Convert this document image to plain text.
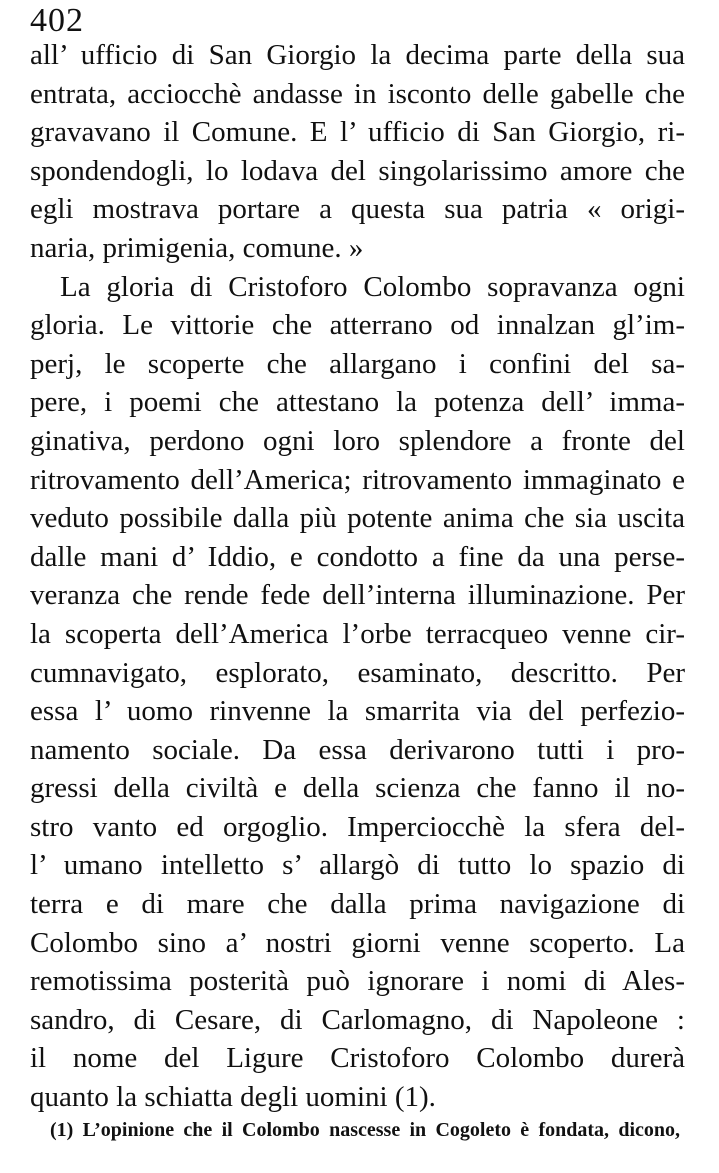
402
all’ ufficio di San Giorgio la decima parte della sua
entrata, acciocchè andasse in isconto delle gabelle che
gravavano il Comune. E l’ ufficio di San Giorgio, ri-
spondendogli, lo lodava del singolarissimo amore che
egli mostrava portare a questa sua patria « origi-
naria, primigenia, comune. »
La gloria di Cristoforo Colombo sopravanza ogni
gloria. Le vittorie che atterrano od innalzan gl’im-
perj, le scoperte che allargano i confini del sa-
pere, i poemi che attestano la potenza dell’ imma-
ginativa, perdono ogni loro splendore a fronte del
ritrovamento dell’America; ritrovamento immaginato e
veduto possibile dalla più potente anima che sia uscita
dalle mani d’ Iddio, e condotto a fine da una perse-
veranza che rende fede dell’interna illuminazione. Per
la scoperta dell’America l’orbe terracqueo venne cir-
cumnavigato, esplorato, esaminato, descritto. Per
essa l’ uomo rinvenne la smarrita via del perfezio-
namento sociale. Da essa derivarono tutti i pro-
gressi della civiltà e della scienza che fanno il no-
stro vanto ed orgoglio. Imperciocchè la sfera del-
l’ umano intelletto s’ allargò di tutto lo spazio di
terra e di mare che dalla prima navigazione di
Colombo sino a’ nostri giorni venne scoperto. La
remotissima posterità può ignorare i nomi di Ales-
sandro, di Cesare, di Carlomagno, di Napoleone :
il nome del Ligure Cristoforo Colombo durerà
quanto la schiatta degli uomini (1).
(1) L’opinione che il Colombo nascesse in Cogoleto è fondata, dicono,
